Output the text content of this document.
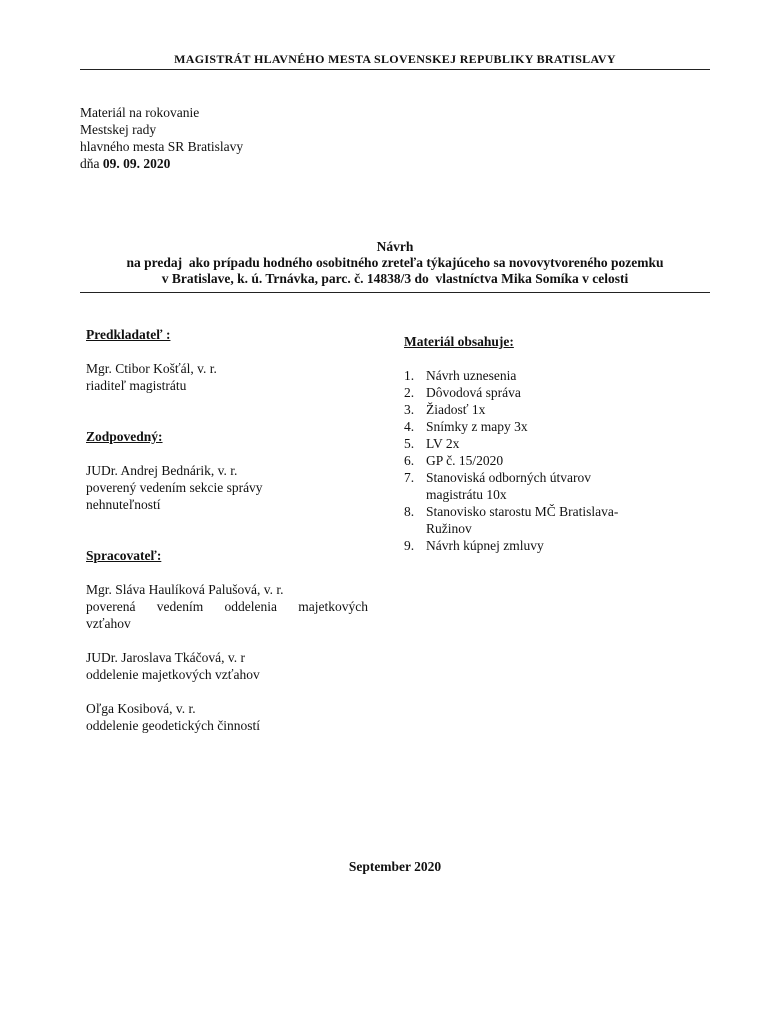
MAGISTRÁT HLAVNÉHO MESTA SLOVENSKEJ REPUBLIKY BRATISLAVY
Materiál na rokovanie
Mestskej rady
hlavného mesta SR Bratislavy
dňa 09. 09. 2020
Návrh
na predaj  ako prípadu hodného osobitného zreteľa týkajúceho sa novovytvoreného pozemku
v Bratislave, k. ú. Trnávka, parc. č. 14838/3 do  vlastníctva Mika Somíka v celosti
Predkladateľ :
Mgr. Ctibor Košťál, v. r.
riaditeľ magistrátu
Zodpovedný:
JUDr. Andrej Bednárik, v. r.
poverený vedením sekcie správy
nehnuteľností
Spracovateľ:
Mgr. Sláva Haulíková Palušová, v. r.
poverená vedením oddelenia majetkových
vzťahov
JUDr. Jaroslava Tkáčová, v. r
oddelenie majetkových vzťahov
Oľga Kosibová, v. r.
oddelenie geodetických činností
Materiál obsahuje:
1. Návrh uznesenia
2. Dôvodová správa
3. Žiadosť 1x
4. Snímky z mapy 3x
5. LV 2x
6. GP č. 15/2020
7. Stanoviská odborných útvarov magistrátu 10x
8. Stanovisko starostu MČ Bratislava-Ružinov
9. Návrh kúpnej zmluvy
September 2020
